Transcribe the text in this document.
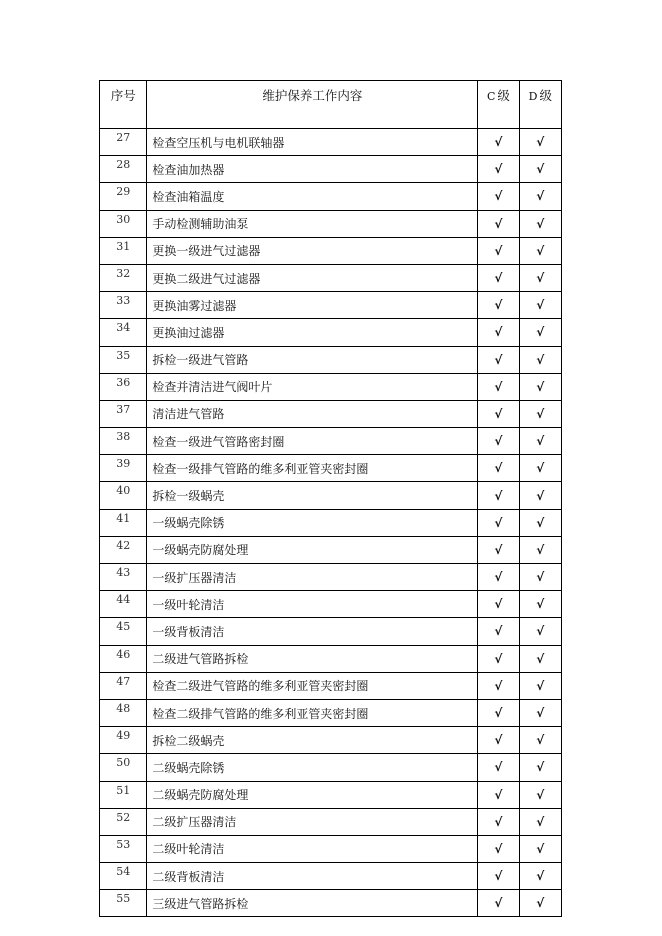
序号	维护保养工作内容	C 级	D 级
27	检查空压机与电机联轴器	√	√
28	检查油加热器	√	√
29	检查油箱温度	√	√
30	手动检测辅助油泵	√	√
31	更换一级进气过滤器	√	√
32	更换二级进气过滤器	√	√
33	更换油雾过滤器	√	√
34	更换油过滤器	√	√
35	拆检一级进气管路	√	√
36	检查并清洁进气阀叶片	√	√
37	清洁进气管路	√	√
38	检查一级进气管路密封圈	√	√
39	检查一级排气管路的维多利亚管夹密封圈	√	√
40	拆检一级蜗壳	√	√
41	一级蜗壳除锈	√	√
42	一级蜗壳防腐处理	√	√
43	一级扩压器清洁	√	√
44	一级叶轮清洁	√	√
45	一级背板清洁	√	√
46	二级进气管路拆检	√	√
47	检查二级进气管路的维多利亚管夹密封圈	√	√
48	检查二级排气管路的维多利亚管夹密封圈	√	√
49	拆检二级蜗壳	√	√
50	二级蜗壳除锈	√	√
51	二级蜗壳防腐处理	√	√
52	二级扩压器清洁	√	√
53	二级叶轮清洁	√	√
54	二级背板清洁	√	√
55	三级进气管路拆检	√	√
